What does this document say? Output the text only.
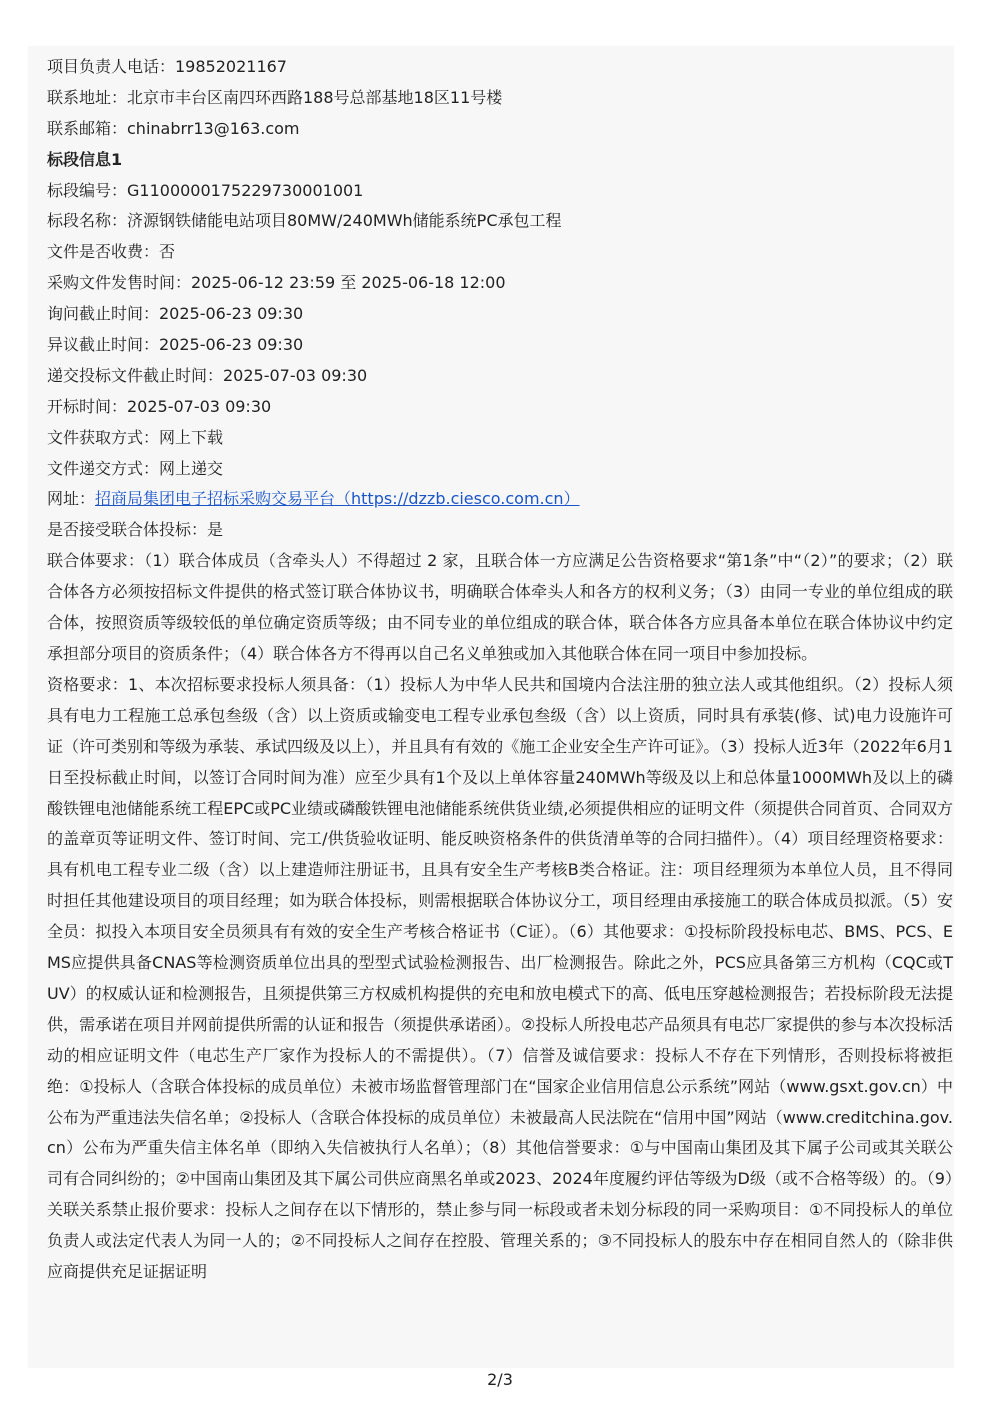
项目负责人电话：19852021167
联系地址：北京市丰台区南四环西路188号总部基地18区11号楼
联系邮箱：chinabrr13@163.com
标段信息1
标段编号：G11000001752297300010​01
标段名称：济源钢铁储能电站项目80MW/240MWh储能系统PC承包工程
文件是否收费：否
采购文件发售时间：2025-06-12 23:59 至 2025-06-18 12:00
询问截止时间：2025-06-23 09:30
异议截止时间：2025-06-23 09:30
递交投标文件截止时间：2025-07-03 09:30
开标时间：2025-07-03 09:30
文件获取方式：网上下载
文件递交方式：网上递交
网址：招商局集团电子招标采购交易平台（https://dzzb.ciesco.com.cn）
是否接受联合体投标：是
联合体要求：（1）联合体成员（含牵头人）不得超过 2 家，且联合体一方应满足公告资格要求“第1条”中“（2）”的要求；（2）联合体各方必须按招标文件提供的格式签订联合体协议书，明确联合体牵头人和各方的权利义务；（3）由同一专业的单位组成的联合体，按照资质等级较低的单位确定资质等级；由不同专业的单位组成的联合体，联合体各方应具备本单位在联合体协议中约定承担部分项目的资质条件；（4）联合体各方不得再以自己名义单独或加入其他联合体在同一项目中参加投标。
资格要求：1、本次招标要求投标人须具备：（1）投标人为中华人民共和国境内合法注册的独立法人或其他组织。（2）投标人须具有电力工程施工总承包叁级（含）以上资质或输变电工程专业承包叁级（含）以上资质，同时具有承装(修、试)电力设施许可证（许可类别和等级为承装、承试四级及以上），并且具有有效的《施工企业安全生产许可证》。（3）投标人近3年（2022年6月1日至投标截止时间，以签订合同时间为准）应至少具有1个及以上单体容量240MWh等级及以上和总体量1000MWh及以上的磷酸铁锂电池储能系统工程EPC或PC业绩或磷酸铁锂电池储能系统供货业绩,必须提供相应的证明文件（须提供合同首页、合同双方的盖章页等证明文件、签订时间、完工/供货验收证明、能反映资格条件的供货清单等的合同扫描件）。（4）项目经理资格要求：具有机电工程专业二级（含）以上建造师注册证书，且具有安全生产考核B类合格证。注：项目经理须为本单位人员，且不得同时担任其他建设项目的项目经理；如为联合体投标，则需根据联合体协议分工，项目经理由承接施工的联合体成员拟派。（5）安全员：拟投入本项目安全员须具有有效的安全生产考核合格证书（C证）。（6）其他要求：①投标阶段投标电芯、BMS、PCS、EMS应提供具备CNAS等检测资质单位出具的型型式试验检测报告、出厂检测报告。除此之外，PCS应具备第三方机构（CQC或TUV）的权威认证和检测报告，且须提供第三方权威机构提供的充电和放电模式下的高、低电压穿越检测报告；若投标阶段无法提供，需承诺在项目并网前提供所需的认证和报告（须提供承诺函）。②投标人所投电芯产品须具有电芯厂家提供的参与本次投标活动的相应证明文件（电芯生产厂家作为投标人的不需提供）。（7）信誉及诚信要求：投标人不存在下列情形，否则投标将被拒绝：①投标人（含联合体投标的成员单位）未被市场监督管理部门在“国家企业信用信息公示系统”网站（www.gsxt.gov.cn）中公布为严重违法失信名单；②投标人（含联合体投标的成员单位）未被最高人民法院在“信用中国”网站（www.creditchina.gov.cn）公布为严重失信主体名单（即纳入失信被执行人名单）；（8）其他信誉要求：①与中国南山集团及其下属子公司或其关联公司有合同纠纷的；②中国南山集团及其下属公司供应商黑名单或2023、2024年度履约评估等级为D级（或不合格等级）的。（9）关联关系禁止报价要求：投标人之间存在以下情形的，禁止参与同一标段或者未划分标段的同一采购项目：①不同投标人的单位负责人或法定代表人为同一人的；②不同投标人之间存在控股、管理关系的；③不同投标人的股东中存在相同自然人的（除非供应商提供充足证据证明
2/3
